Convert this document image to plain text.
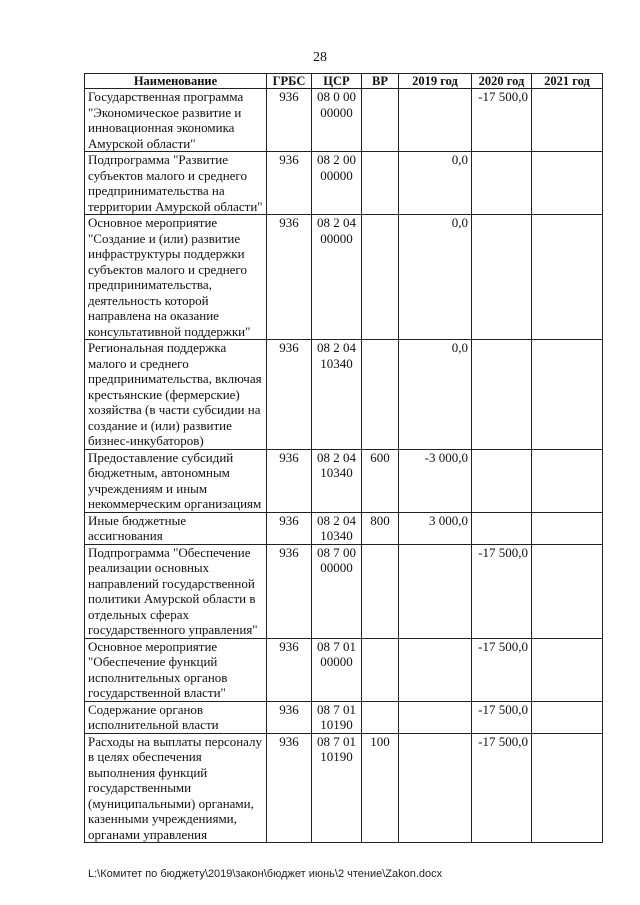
28
Наименование	ГРБС	ЦСР	ВР	2019 год	2020 год	2021 год
Государственная программа "Экономическое развитие и инновационная экономика Амурской области"	936	08 0 00 00000			-17 500,0	
Подпрограмма "Развитие субъектов малого и среднего предпринимательства на территории Амурской области"	936	08 2 00 00000		0,0		
Основное мероприятие "Создание и (или) развитие инфраструктуры поддержки субъектов малого и среднего предпринимательства, деятельность которой направлена на оказание консультативной поддержки"	936	08 2 04 00000		0,0		
Региональная поддержка малого и среднего предпринимательства, включая крестьянские (фермерские) хозяйства (в части субсидии на создание и (или) развитие бизнес-инкубаторов)	936	08 2 04 10340		0,0		
Предоставление субсидий бюджетным, автономным учреждениям и иным некоммерческим организациям	936	08 2 04 10340	600	-3 000,0		
Иные бюджетные ассигнования	936	08 2 04 10340	800	3 000,0		
Подпрограмма "Обеспечение реализации основных направлений государственной политики Амурской области в отдельных сферах государственного управления"	936	08 7 00 00000			-17 500,0	
Основное мероприятие "Обеспечение функций исполнительных органов государственной власти"	936	08 7 01 00000			-17 500,0	
Содержание органов исполнительной власти	936	08 7 01 10190			-17 500,0	
Расходы на выплаты персоналу в целях обеспечения выполнения функций государственными (муниципальными) органами, казенными учреждениями, органами управления	936	08 7 01 10190	100		-17 500,0	
L:\Комитет по бюджету\2019\закон\бюджет июнь\2 чтение\Zakon.docx
